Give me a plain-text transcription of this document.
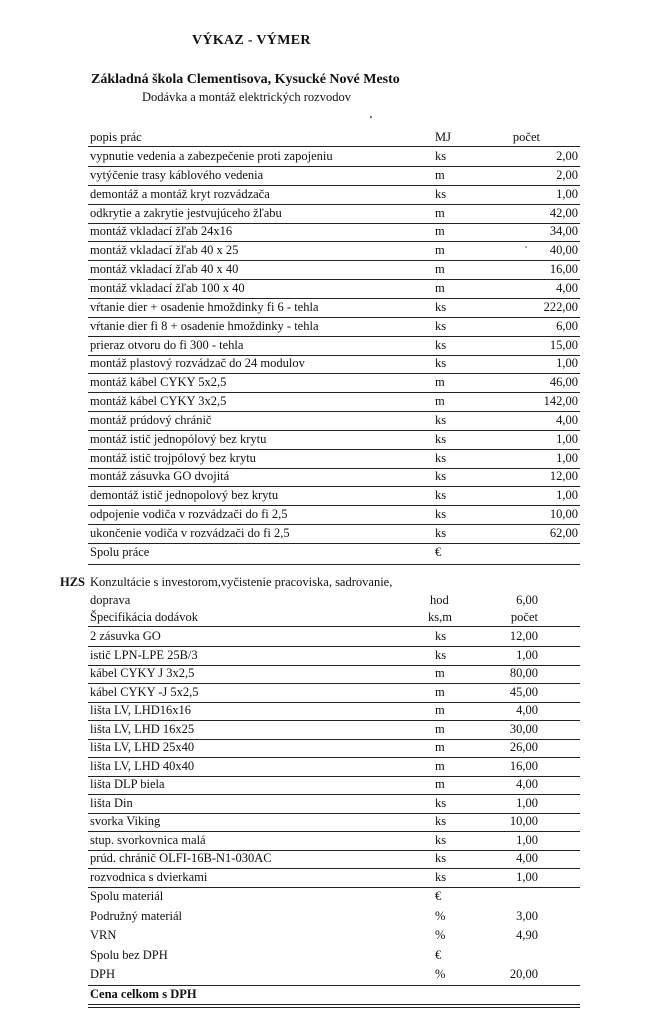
VÝKAZ - VÝMER
Základná škola Clementisova, Kysucké Nové Mesto
Dodávka a montáž elektrických rozvodov
popis prác	MJ	počet
vypnutie vedenia a zabezpečenie proti zapojeniu	ks	2,00
vytýčenie trasy káblového vedenia	m	2,00
demontáž a montáž kryt rozvádzača	ks	1,00
odkrytie a zakrytie jestvujúceho žľabu	m	42,00
montáž vkladací žľab 24x16	m	34,00
montáž vkladací žľab 40 x 25	m	40,00
montáž vkladací žľab 40 x 40	m	16,00
montáž vkladací žľab 100 x 40	m	4,00
vŕtanie dier + osadenie hmoždinky fi 6 - tehla	ks	222,00
vŕtanie dier fi 8 + osadenie hmoždinky - tehla	ks	6,00
prieraz otvoru do fi 300 - tehla	ks	15,00
montáž plastový rozvádzač do 24 modulov	ks	1,00
montáž kábel CYKY 5x2,5	m	46,00
montáž kábel CYKY 3x2,5	m	142,00
montáž prúdový chránič	ks	4,00
montáž istič jednopólový bez krytu	ks	1,00
montáž istič trojpólový bez krytu	ks	1,00
montáž zásuvka GO dvojitá	ks	12,00
demontáž istič jednopolový bez krytu	ks	1,00
odpojenie vodiča v rozvádzači do fi 2,5	ks	10,00
ukončenie vodiča v rozvádzači do fi 2,5	ks	62,00
Spolu práce	€
HZS Konzultácie s investorom,vyčistenie pracoviska, sadrovanie,
doprava	hod	6,00
Špecifikácia dodávok	ks,m	počet
2 zásuvka GO	ks	12,00
istič LPN-LPE 25B/3	ks	1,00
kábel CYKY J 3x2,5	m	80,00
kábel CYKY -J 5x2,5	m	45,00
lišta LV, LHD16x16	m	4,00
lišta LV, LHD 16x25	m	30,00
lišta LV, LHD 25x40	m	26,00
lišta LV, LHD 40x40	m	16,00
lišta DLP biela	m	4,00
lišta Din	ks	1,00
svorka Viking	ks	10,00
stup. svorkovnica malá	ks	1,00
prúd. chránič OLFI-16B-N1-030AC	ks	4,00
rozvodnica s dvierkami	ks	1,00
Spolu materiál	€
Podružný materiál	%	3,00
VRN	%	4,90
Spolu bez DPH	€
DPH	%	20,00
Cena celkom s DPH
